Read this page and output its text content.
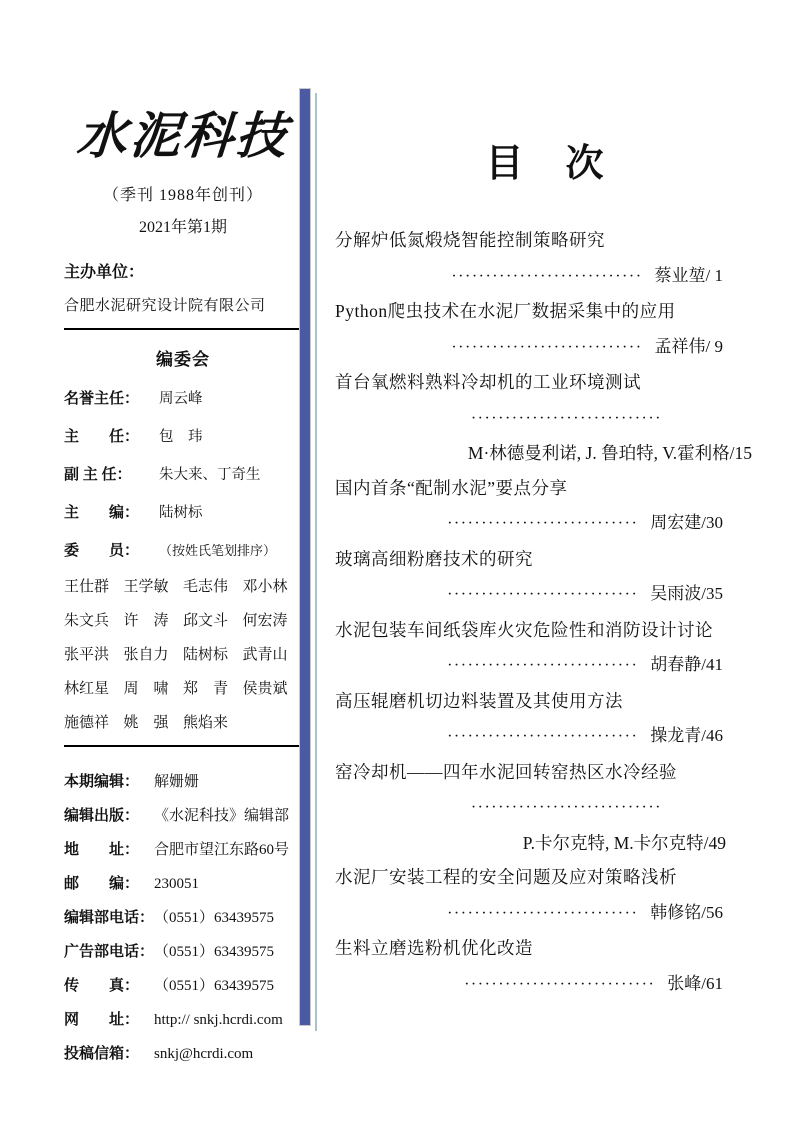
水泥科技
（季刊 1988年创刊）
2021年第1期
主办单位：
合肥水泥研究设计院有限公司
编委会
名誉主任：	周云峰
主　　任：	包　玮
副 主 任：	朱大来、丁奇生
主　　编：	陆树标
委　　员：	（按姓氏笔划排序）
王仕群 王学敏 毛志伟 邓小林
朱文兵 许　涛 邱文斗 何宏涛
张平洪 张自力 陆树标 武青山
林红星 周　啸 郑　青 侯贵斌
施德祥 姚　强 熊焰来
本期编辑： 解姗姗
编辑出版： 《水泥科技》编辑部
地　　址： 合肥市望江东路60号
邮　　编： 230051
编辑部电话： （0551）63439575
广告部电话： （0551）63439575
传　　真： （0551）63439575
网　　址： http:// snkj.hcrdi.com
投稿信箱： snkj@hcrdi.com
目　次
分解炉低氮煅烧智能控制策略研究
···························· 蔡业堃/ 1
Python爬虫技术在水泥厂数据采集中的应用
···························· 孟祥伟/ 9
首台氧燃料熟料冷却机的工业环境测试
····························
M·林德曼利诺, J. 鲁珀特, V.霍利格/15
国内首条“配制水泥”要点分享
···························· 周宏建/30
玻璃高细粉磨技术的研究
···························· 吴雨波/35
水泥包装车间纸袋库火灾危险性和消防设计讨论
···························· 胡春静/41
高压辊磨机切边料装置及其使用方法
···························· 操龙青/46
窑冷却机——四年水泥回转窑热区水冷经验
····························
P.卡尔克特, M.卡尔克特/49
水泥厂安装工程的安全问题及应对策略浅析
···························· 韩修铭/56
生料立磨选粉机优化改造
···························· 张峰/61
